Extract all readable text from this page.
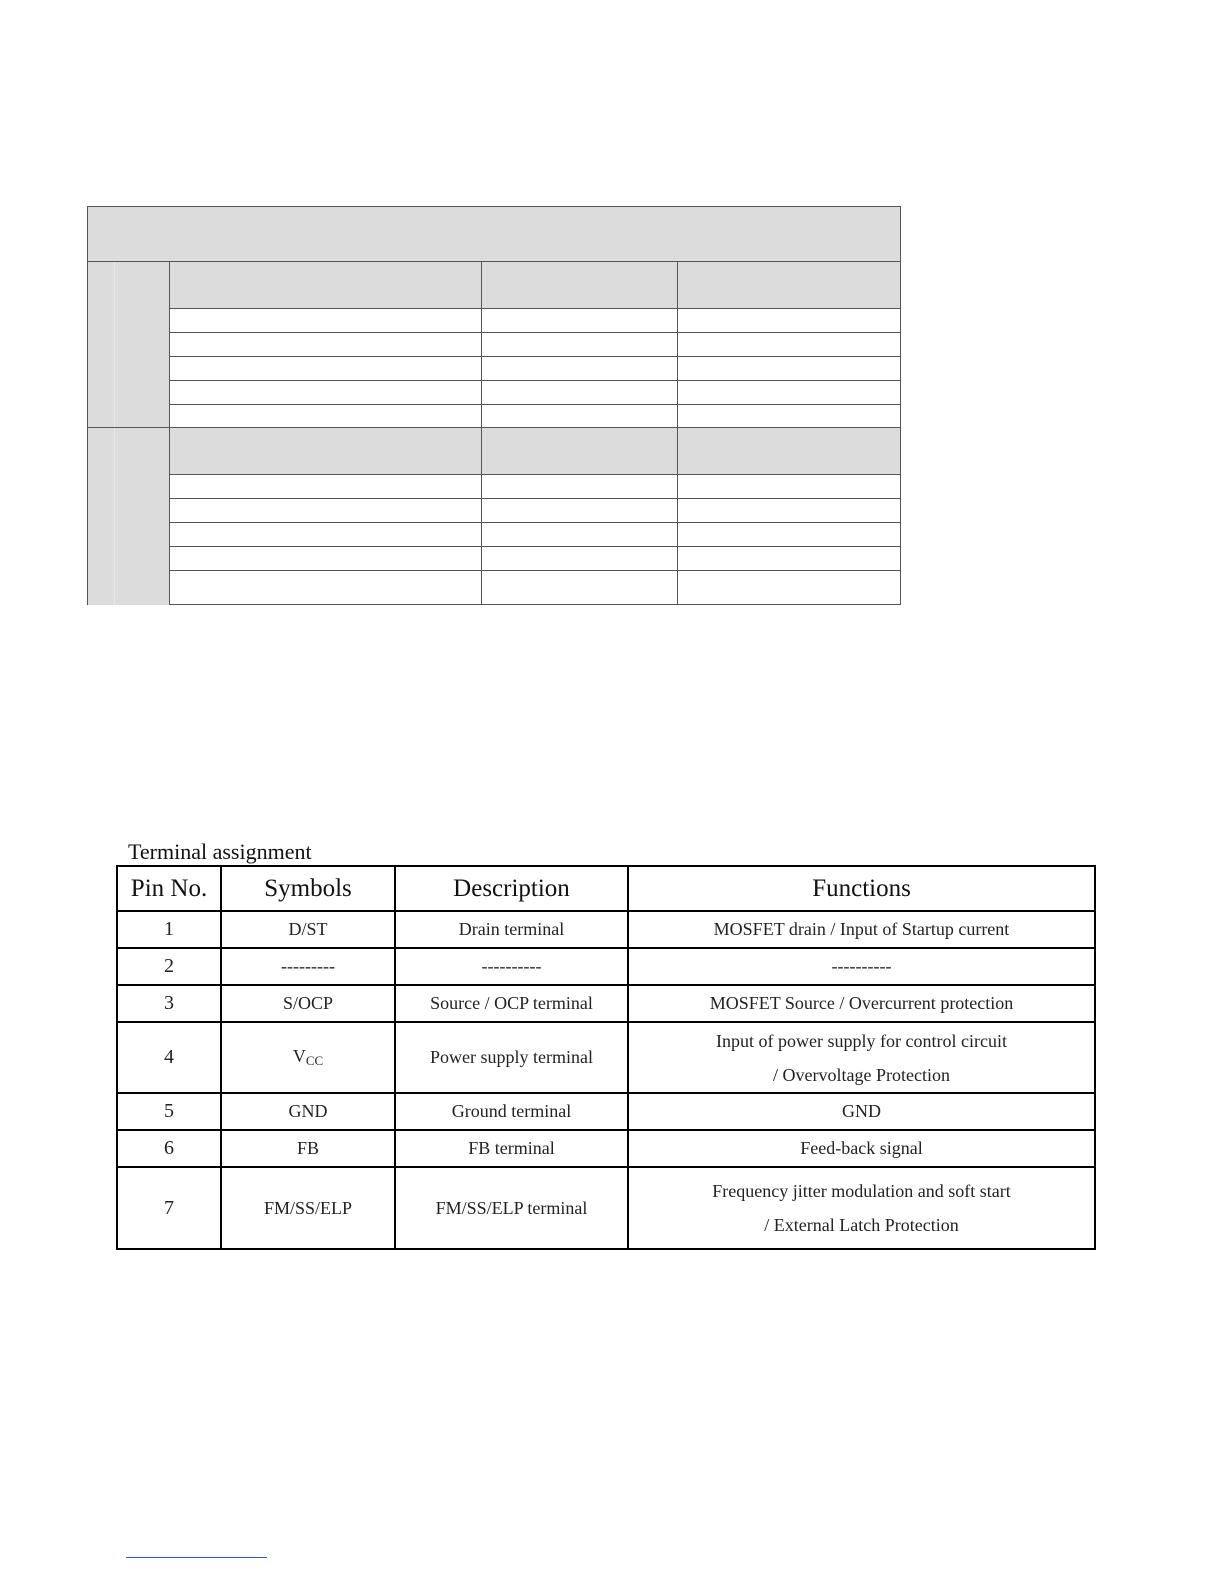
Terminal assignment
Pin No.	Symbols	Description	Functions
1	D/ST	Drain terminal	MOSFET drain / Input of Startup current
2	---------	----------	----------
3	S/OCP	Source / OCP terminal	MOSFET Source / Overcurrent protection
4	$V_{CC}$	Power supply terminal	Input of power supply for control circuit
/ Overvoltage Protection

5	GND	Ground terminal	GND
6	FB	FB terminal	Feed-back signal
7	FM/SS/ELP	FM/SS/ELP terminal	Frequency jitter modulation and soft start
/ External Latch Protection
